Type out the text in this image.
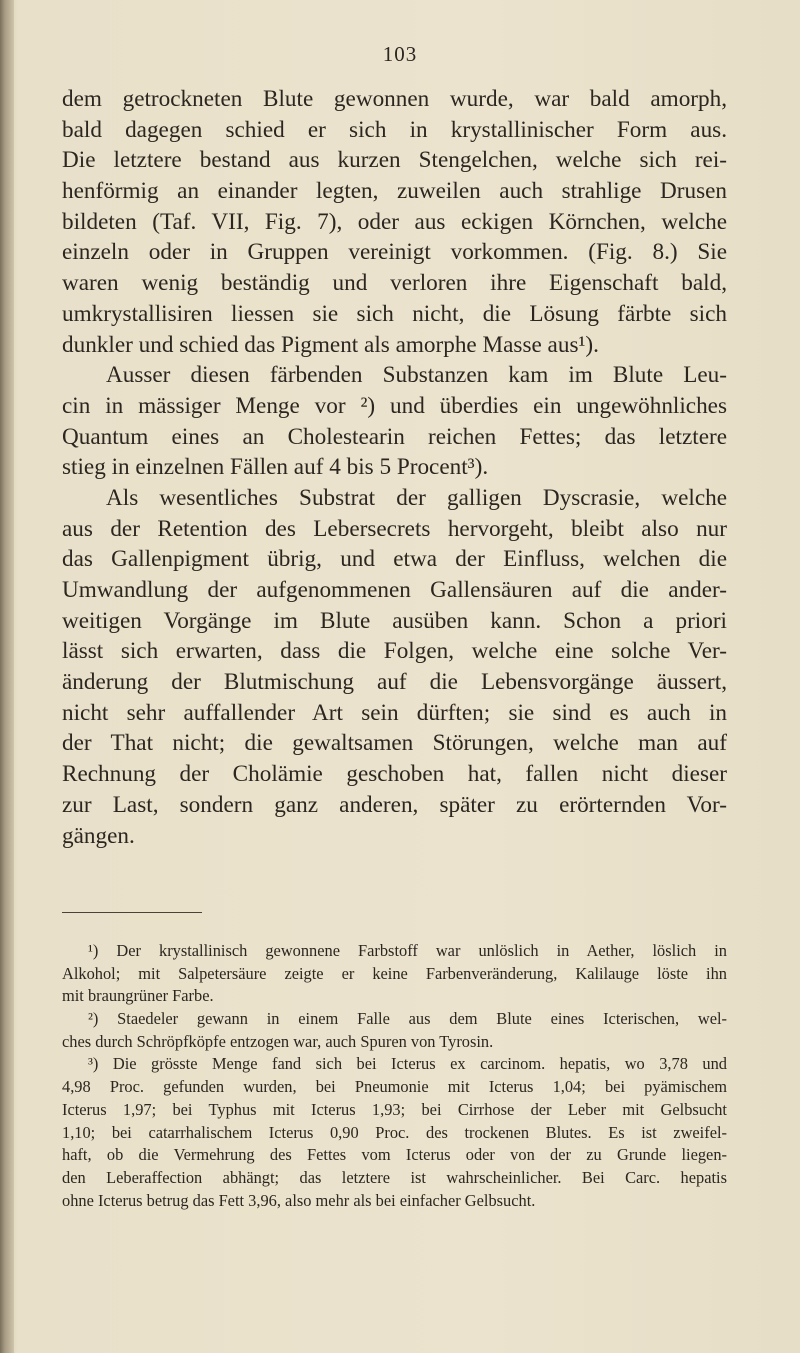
103
dem getrockneten Blute gewonnen wurde, war bald amorph,
bald dagegen schied er sich in krystallinischer Form aus.
Die letztere bestand aus kurzen Stengelchen, welche sich rei-
henförmig an einander legten, zuweilen auch strahlige Drusen
bildeten (Taf. VII, Fig. 7), oder aus eckigen Körnchen, welche
einzeln oder in Gruppen vereinigt vorkommen. (Fig. 8.) Sie
waren wenig beständig und verloren ihre Eigenschaft bald,
umkrystallisiren liessen sie sich nicht, die Lösung färbte sich
dunkler und schied das Pigment als amorphe Masse aus¹).
Ausser diesen färbenden Substanzen kam im Blute Leu-
cin in mässiger Menge vor ²) und überdies ein ungewöhnliches
Quantum eines an Cholestearin reichen Fettes; das letztere
stieg in einzelnen Fällen auf 4 bis 5 Procent³).
Als wesentliches Substrat der galligen Dyscrasie, welche
aus der Retention des Lebersecrets hervorgeht, bleibt also nur
das Gallenpigment übrig, und etwa der Einfluss, welchen die
Umwandlung der aufgenommenen Gallensäuren auf die ander-
weitigen Vorgänge im Blute ausüben kann. Schon a priori
lässt sich erwarten, dass die Folgen, welche eine solche Ver-
änderung der Blutmischung auf die Lebensvorgänge äussert,
nicht sehr auffallender Art sein dürften; sie sind es auch in
der That nicht; die gewaltsamen Störungen, welche man auf
Rechnung der Cholämie geschoben hat, fallen nicht dieser
zur Last, sondern ganz anderen, später zu erörternden Vor-
gängen.
¹) Der krystallinisch gewonnene Farbstoff war unlöslich in Aether, löslich in
Alkohol; mit Salpetersäure zeigte er keine Farbenveränderung, Kalilauge löste ihn
mit braungrüner Farbe.
²) Staedeler gewann in einem Falle aus dem Blute eines Icterischen, wel-
ches durch Schröpfköpfe entzogen war, auch Spuren von Tyrosin.
³) Die grösste Menge fand sich bei Icterus ex carcinom. hepatis, wo 3,78 und
4,98 Proc. gefunden wurden, bei Pneumonie mit Icterus 1,04; bei pyämischem
Icterus 1,97; bei Typhus mit Icterus 1,93; bei Cirrhose der Leber mit Gelbsucht
1,10; bei catarrhalischem Icterus 0,90 Proc. des trockenen Blutes. Es ist zweifel-
haft, ob die Vermehrung des Fettes vom Icterus oder von der zu Grunde liegen-
den Leberaffection abhängt; das letztere ist wahrscheinlicher. Bei Carc. hepatis
ohne Icterus betrug das Fett 3,96, also mehr als bei einfacher Gelbsucht.
